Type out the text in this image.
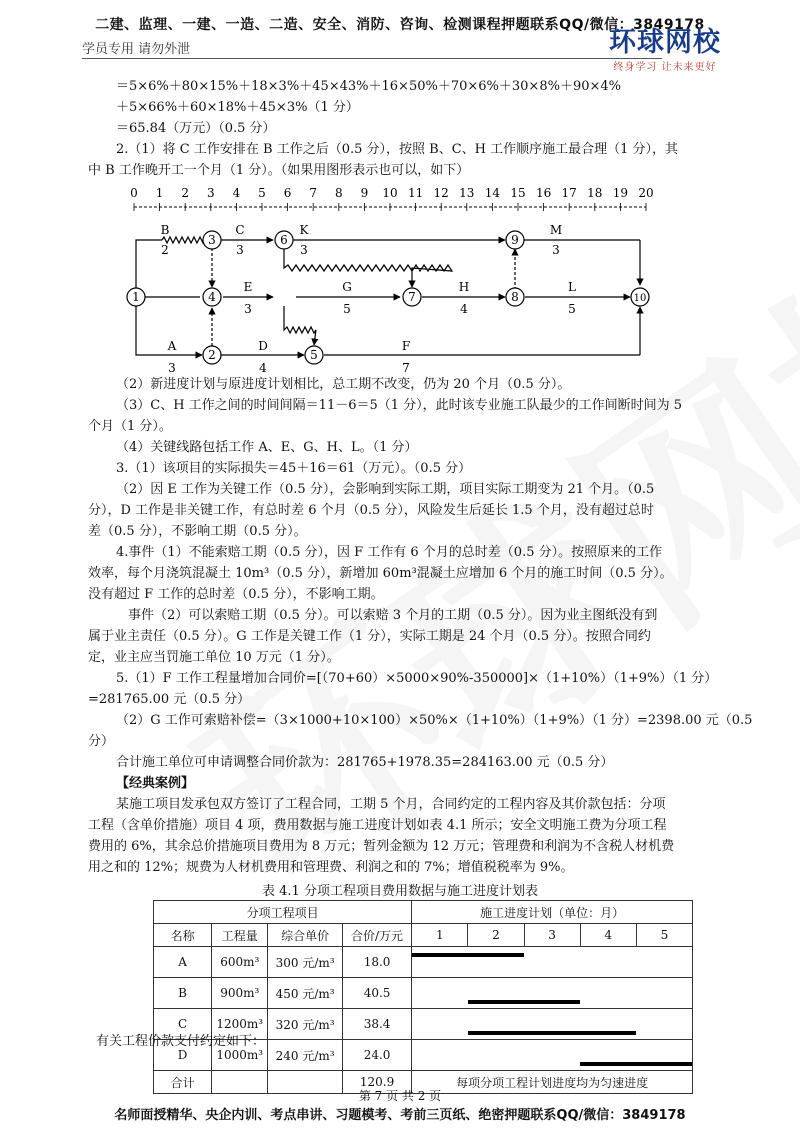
二建、监理、一建、一造、二造、安全、消防、咨询、检测课程押题联系QQ/微信：3849178
学员专用 请勿外泄	环球网校
终身学习 让未来更好
＝5×6%＋80×15%＋18×3%＋45×43%＋16×50%＋70×6%＋30×8%＋90×4%
＋5×66%＋60×18%＋45×3%（1 分）
＝65.84（万元）（0.5 分）
2.（1）将 C 工作安排在 B 工作之后（0.5 分），按照 B、C、H 工作顺序施工最合理（1 分），其
中 B 工作晚开工一个月（1 分）。（如果用图形表示也可以，如下）
0 1 2 3 4 5 6 7 8 9 10 11 12 13 14 15 16 17 18 19 20
1
2
3
4
5
6
7	8
9
10
B
2
C
3
K
3
M
3
E
3
G
5
H
4
L
5
A
3
D
4
F
7
（2）新进度计划与原进度计划相比，总工期不改变，仍为 20 个月（0.5 分）。
（3）C、H 工作之间的时间间隔＝11－6＝5（1 分），此时该专业施工队最少的工作间断时间为 5
个月（1 分）。
（4）关键线路包括工作 A、E、G、H、L。（1 分）
3.（1）该项目的实际损失＝45＋16＝61（万元）。（0.5 分）
（2）因 E 工作为关键工作（0.5 分），会影响到实际工期，项目实际工期变为 21 个月。（0.5
分），D 工作是非关键工作，有总时差 6 个月（0.5 分），风险发生后延长 1.5 个月，没有超过总时
差（0.5 分），不影响工期（0.5 分）。
4.事件（1）不能索赔工期（0.5 分），因 F 工作有 6 个月的总时差（0.5 分）。按照原来的工作
效率，每个月浇筑混凝土 10m³（0.5 分），新增加 60m³混凝土应增加 6 个月的施工时间（0.5 分）。
没有超过 F 工作的总时差（0.5 分），不影响工期。
事件（2）可以索赔工期（0.5 分）。可以索赔 3 个月的工期（0.5 分）。因为业主图纸没有到
属于业主责任（0.5 分）。G 工作是关键工作（1 分），实际工期是 24 个月（0.5 分）。按照合同约
定，业主应当罚施工单位 10 万元（1 分）。
5.（1）F 工作工程量增加合同价=[（70+60）×5000×90%-350000]×（1+10%）（1+9%）（1 分）
=281765.00 元（0.5 分）
（2）G 工作可索赔补偿=（3×1000+10×100）×50%×（1+10%）（1+9%）（1 分）=2398.00 元（0.5
分）
合计施工单位可申请调整合同价款为：281765+1978.35=284163.00 元（0.5 分）
【经典案例】
某施工项目发承包双方签订了工程合同，工期 5 个月，合同约定的工程内容及其价款包括：分项
工程（含单价措施）项目 4 项，费用数据与施工进度计划如表 4.1 所示；安全文明施工费为分项工程
费用的 6%，其余总价措施项目费用为 8 万元；暂列金额为 12 万元；管理费和利润为不含税人材机费
用之和的 12%；规费为人材机费用和管理费、利润之和的 7%；增值税税率为 9%。
表 4.1 分项工程项目费用数据与施工进度计划表
分项工程项目				施工进度计划（单位：月）				
名称	工程量	综合单价	合价/万元	1	2	3	4	5
A	600m³	300 元/m³	18.0					

B	900m³	450 元/m³	40.5					

C	1200m³	320 元/m³	38.4					

D	1000m³	240 元/m³	24.0					

合计			120.9	每项分项工程计划进度均为匀速进度				
有关工程价款支付约定如下：
第 7 页 共 2 页
名师面授精华、央企内训、考点串讲、习题模考、考前三页纸、绝密押题联系QQ/微信：3849178
